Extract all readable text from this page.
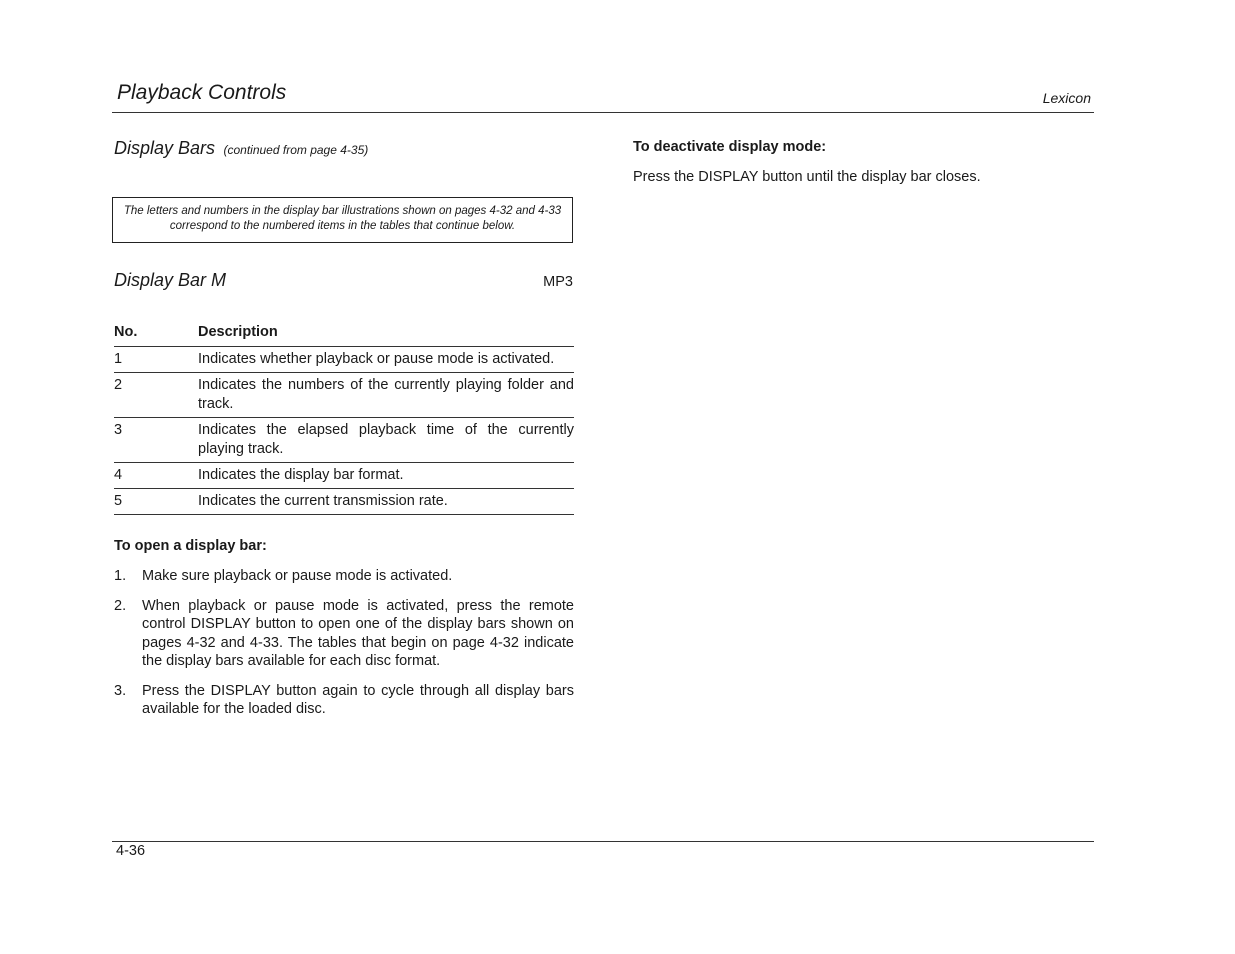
Playback Controls	Lexicon
Display Bars (continued from page 4-35)
The letters and numbers in the display bar illustrations shown on pages 4-32 and 4-33 correspond to the numbered items in the tables that continue below.
Display Bar M	MP3
No.	Description
1	Indicates whether playback or pause mode is activated.
2	Indicates the numbers of the currently playing folder and track.
3	Indicates the elapsed playback time of the currently playing track.
4	Indicates the display bar format.
5	Indicates the current transmission rate.
To open a display bar:
1.	Make sure playback or pause mode is activated.
2.	When playback or pause mode is activated, press the remote control DISPLAY button to open one of the display bars shown on pages 4-32 and 4-33. The tables that begin on page 4-32 indicate the display bars available for each disc format.
3.	Press the DISPLAY button again to cycle through all display bars available for the loaded disc.
To deactivate display mode:
Press the DISPLAY button until the display bar closes.
4-36
